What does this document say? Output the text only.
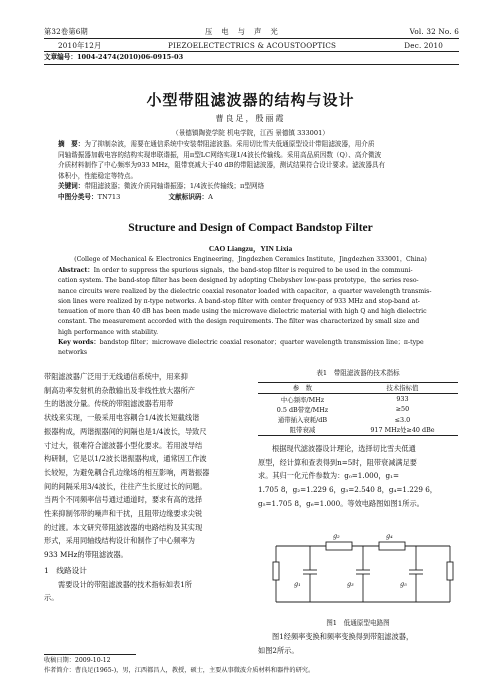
第32卷第6期	压　电　与　声　光	Vol. 32 No. 6
2010年12月	PIEZOELECTECTRICS & ACOUSTOOPTICS	Dec. 2010
文章编号：1004-2474(2010)06-0915-03
小型带阻滤波器的结构与设计
曹良足，殷丽霞
（景德镇陶瓷学院 机电学院，江西 景德镇 333001）
摘　要：为了抑制杂波，需要在通信系统中安装带阻滤波器。采用切比雪夫低通原型设计带阻滤波器，用介质
同轴谐振器加载电容的结构实现串联谐振，用π型LC网络实现1/4波长传输线。采用高品质因数（Q）、高介微波
介质材料制作了中心频率为933 MHz，阻带衰减大于40 dB的带阻滤波器，测试结果符合设计要求。滤波器具有
体积小，性能稳定等特点。
关键词：带阻滤波器；微波介质同轴谐振器；1/4波长传输线；π型网络
中图分类号：TN713	文献标识码：A
Structure and Design of Compact Bandstop Filter
CAO Liangzu，YIN Lixia
(College of Mechanical & Electronics Engineering，Jingdezhen Ceramics Institute，Jingdezhen 333001，China)
Abstract：In order to suppress the spurious signals，the band-stop filter is required to be used in the communi-
cation system. The band-stop filter has been designed by adopting Chebyshev low-pass prototype，the series reso-
nance circuits were realized by the dielectric coaxial resonator loaded with capacitor，a quarter wavelength transmis-
sion lines were realized by π-type networks. A band-stop filter with center frequency of 933 MHz and stop-band at-
tenuation of more than 40 dB has been made using the microwave dielectric material with high Q and high dielectric
constant. The measurement accorded with the design requirements. The filter was characterized by small size and
high performance with stability.
Key words：bandstop filter；microwave dielectric coaxial resonator；quarter wavelength transmission line；π-type
networks
带阻滤波器广泛用于无线通信系统中，用来抑
制高功率发射机的杂散输出及非线性放大器所产
生的谐波分量。传统的带阻滤波器若用带
状线来实现，一般采用电容耦合1/4波长短截线谐
振器构成，两谐振器间的间隔也是1/4波长，导致尺
寸过大，很难符合滤波器小型化要求。若用波导结
构研制，它是以1/2波长谐振器构成，通常因工作波
长较短，为避免耦合孔边缘场的相互影响，两谐振器
间的间隔采用3/4波长，往往产生长度过长的问题。
当两个不同频率信号通过通道时，要求有高的选择
性来抑制邻带的噪声和干扰，且阻带边缘要求尖锐
的过渡。本文研究带阻滤波器的电路结构及其实现
形式，采用同轴线结构设计和制作了中心频率为
933 MHz的带阻滤波器。
1　线路设计
需要设计的带阻滤波器的技术指标如表1所
示。
表1　带阻滤波器的技术指标
参　数	技术指标值
中心频率/MHz	933
0.5 dB带宽/MHz	≥50
通带插入衰耗/dB	≤3.0
阻带衰减	917 MHz处≥40 dBe
根据现代滤波器设计理论，选择切比雪夫低通
原型，经计算和查表得到n=5时，阻带衰减满足要
求。其归一化元件参数为：g₀=1.000，g₁=
1.705 8，g₂=1.229 6，g₃=2.540 8，g₄=1.229 6，
g₅=1.705 8，g₆=1.000。等效电路图如图1所示。
g₂	g₄
g₁	g₃	g₅
图1　低通原型电路图
图1经频率变换和频率变换得到带阻滤波器，
如图2所示。
收稿日期：2009-10-12
作者简介：曹良足(1965-)，男，江西都昌人，教授，硕士，主要从事微波介质材料和器件的研究。
